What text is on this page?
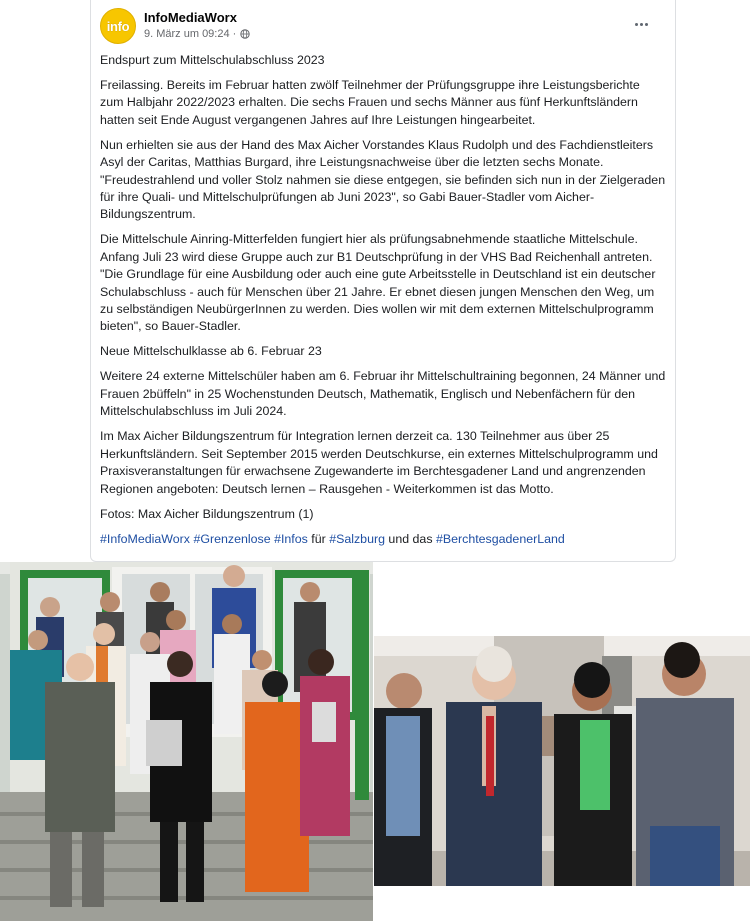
info
InfoMediaWorx
9. März um 09:24 ·

Endspurt zum Mittelschulabschluss 2023

Freilassing. Bereits im Februar hatten zwölf Teilnehmer der Prüfungsgruppe ihre Leistungsberichte zum Halbjahr 2022/2023 erhalten. Die sechs Frauen und sechs Männer aus fünf Herkunftsländern hatten seit Ende August vergangenen Jahres auf Ihre Leistungen hingearbeitet.

Nun erhielten sie aus der Hand des Max Aicher Vorstandes Klaus Rudolph und des Fachdienstleiters Asyl der Caritas, Matthias Burgard, ihre Leistungsnachweise über die letzten sechs Monate.

"Freudestrahlend und voller Stolz nahmen sie diese entgegen, sie befinden sich nun in der Zielgeraden für ihre Quali- und Mittelschulprüfungen ab Juni 2023", so Gabi Bauer-Stadler vom Aicher-Bildungszentrum.

Die Mittelschule Ainring-Mitterfelden fungiert hier als prüfungsabnehmende staatliche Mittelschule. Anfang Juli 23 wird diese Gruppe auch zur B1 Deutschprüfung in der VHS Bad Reichenhall antreten. "Die Grundlage für eine Ausbildung oder auch eine gute Arbeitsstelle in Deutschland ist ein deutscher Schulabschluss - auch für Menschen über 21 Jahre. Er ebnet diesen jungen Menschen den Weg, um zu selbständigen NeubürgerInnen zu werden. Dies wollen wir mit dem externen Mittelschulprogramm bieten", so Bauer-Stadler.

Neue Mittelschulklasse ab 6. Februar 23

Weitere 24 externe Mittelschüler haben am 6. Februar ihr Mittelschultraining begonnen, 24 Männer und Frauen 2büffeln" in 25 Wochenstunden Deutsch, Mathematik, Englisch und Nebenfächern für den Mittelschulabschluss im Juli 2024.

Im Max Aicher Bildungszentrum für Integration lernen derzeit ca. 130 Teilnehmer aus über 25 Herkunftsländern. Seit September 2015 werden Deutschkurse, ein externes Mittelschulprogramm und Praxisveranstaltungen für erwachsene Zugewanderte im Berchtesgadener Land und angrenzenden Regionen angeboten: Deutsch lernen – Rausgehen - Weiterkommen ist das Motto.

Fotos: Max Aicher Bildungszentrum (1)

#InfoMediaWorx #Grenzenlose #Infos für #Salzburg und das #BerchtesgadenerLand
